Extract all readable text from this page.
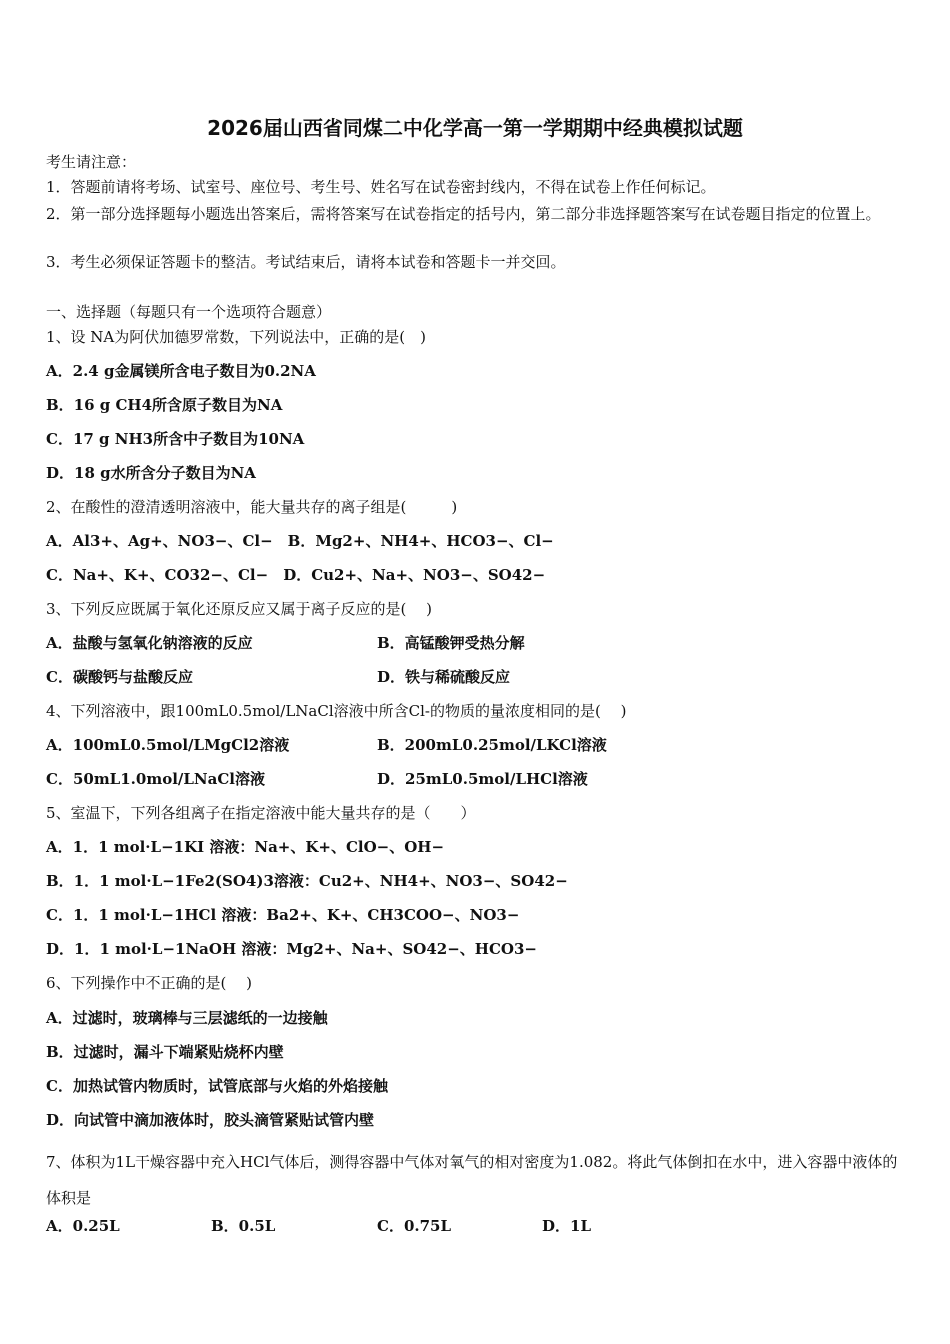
2026届山西省同煤二中化学高一第一学期期中经典模拟试题
考生请注意：
1．答题前请将考场、试室号、座位号、考生号、姓名写在试卷密封线内，不得在试卷上作任何标记。
2．第一部分选择题每小题选出答案后，需将答案写在试卷指定的括号内，第二部分非选择题答案写在试卷题目指定的位置上。
3．考生必须保证答题卡的整洁。考试结束后，请将本试卷和答题卡一并交回。
一、选择题（每题只有一个选项符合题意）
1、设 NA为阿伏加德罗常数，下列说法中，正确的是(　)
A．2.4 g金属镁所含电子数目为0.2NA
B．16 g CH4所含原子数目为NA
C．17 g NH3所含中子数目为10NA
D．18 g水所含分子数目为NA
2、在酸性的澄清透明溶液中，能大量共存的离子组是(　　　)
A．Al3+、Ag+、NO3−、Cl−　B．Mg2+、NH4+、HCO3−、Cl−
C．Na+、K+、CO32−、Cl−　D．Cu2+、Na+、NO3−、SO42−
3、下列反应既属于氧化还原反应又属于离子反应的是(　 )
A．盐酸与氢氧化钠溶液的反应	B．高锰酸钾受热分解
C．碳酸钙与盐酸反应	D．铁与稀硫酸反应
4、下列溶液中，跟100mL0.5mol/LNaCl溶液中所含Cl-的物质的量浓度相同的是(　 )
A．100mL0.5mol/LMgCl2溶液	B．200mL0.25mol/LKCl溶液
C．50mL1.0mol/LNaCl溶液	D．25mL0.5mol/LHCl溶液
5、室温下，下列各组离子在指定溶液中能大量共存的是（　　）
A．1．1 mol·L−1KI 溶液：Na+、K+、ClO−、OH−
B．1．1 mol·L−1Fe2(SO4)3溶液：Cu2+、NH4+、NO3−、SO42−
C．1．1 mol·L−1HCl 溶液：Ba2+、K+、CH3COO−、NO3−
D．1．1 mol·L−1NaOH 溶液：Mg2+、Na+、SO42−、HCO3−
6、下列操作中不正确的是(　 )
A．过滤时，玻璃棒与三层滤纸的一边接触
B．过滤时，漏斗下端紧贴烧杯内壁
C．加热试管内物质时，试管底部与火焰的外焰接触
D．向试管中滴加液体时，胶头滴管紧贴试管内壁
7、体积为1L干燥容器中充入HCl气体后，测得容器中气体对氧气的相对密度为1.082。将此气体倒扣在水中，进入容器中液体的体积是
A．0.25L	B．0.5L	C．0.75L	D．1L
